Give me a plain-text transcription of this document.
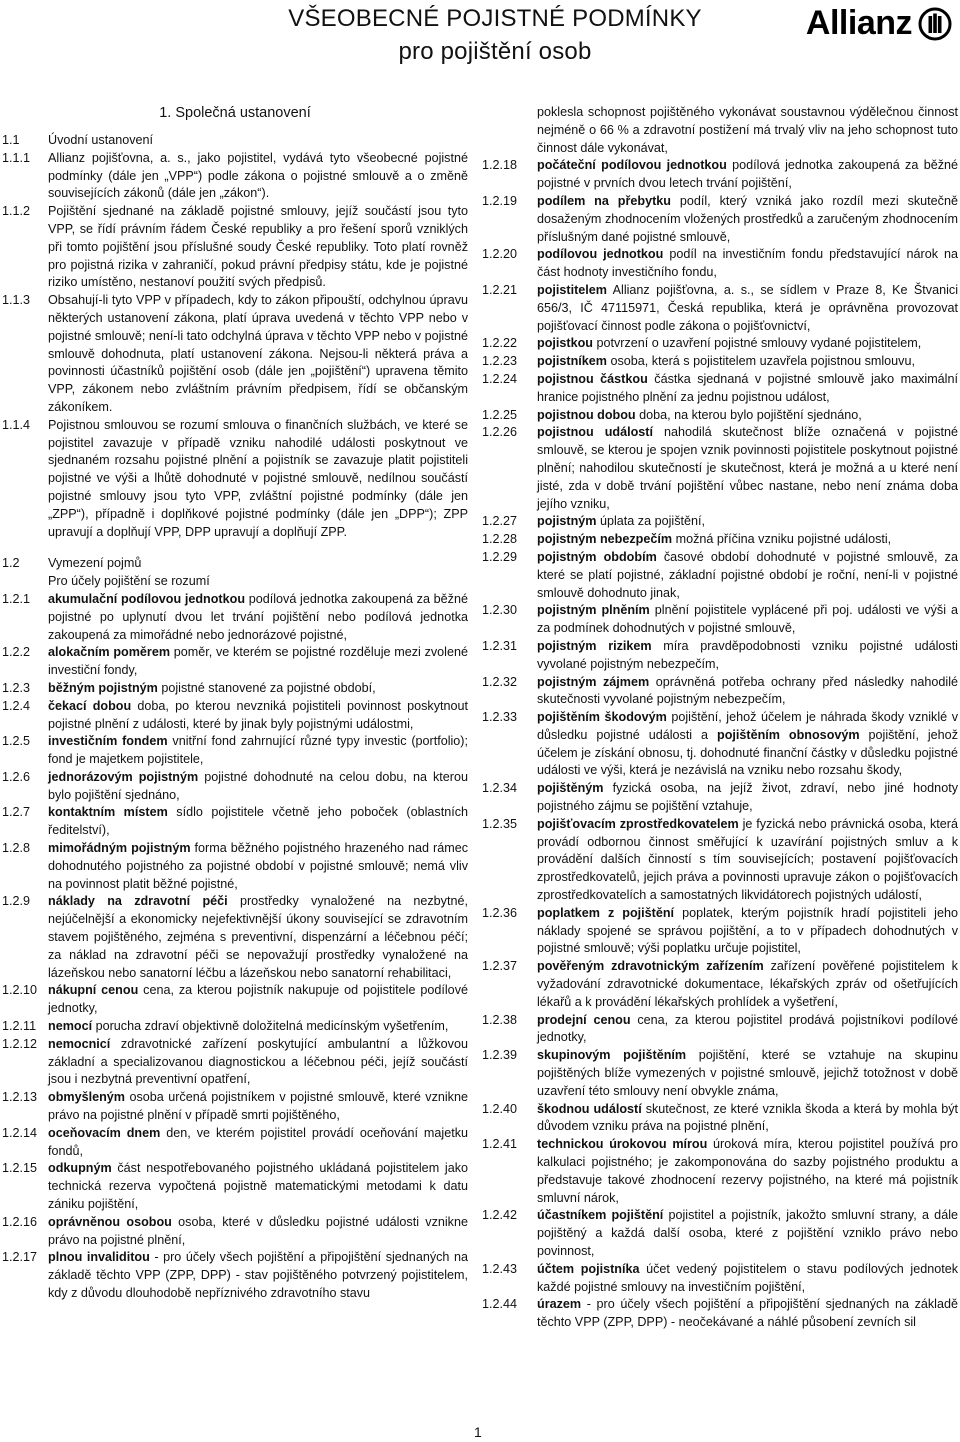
VŠEOBECNÉ POJISTNÉ PODMÍNKY
pro pojištění osob
Allianz
1. Společná ustanovení
1.1	Úvodní ustanovení
1.1.1	Allianz pojišťovna, a. s., jako pojistitel, vydává tyto všeobecné pojistné podmínky (dále jen „VPP“) podle zákona o pojistné smlouvě a o změně souvisejících zákonů (dále jen „zákon“).
1.1.2	Pojištění sjednané na základě pojistné smlouvy, jejíž součástí jsou tyto VPP, se řídí právním řádem České republiky a pro řešení sporů vzniklých při tomto pojištění jsou příslušné soudy České republiky. Toto platí rovněž pro pojistná rizika v zahraničí, pokud právní předpisy státu, kde je pojistné riziko umístěno, nestanoví použití svých předpisů.
1.1.3	Obsahují-li tyto VPP v případech, kdy to zákon připouští, odchylnou úpravu některých ustanovení zákona, platí úprava uvedená v těchto VPP nebo v pojistné smlouvě; není-li tato odchylná úprava v těchto VPP nebo v pojistné smlouvě dohodnuta, platí ustanovení zákona. Nejsou-li některá práva a povinnosti účastníků pojištění osob (dále jen „pojištění“) upravena těmito VPP, zákonem nebo zvláštním právním předpisem, řídí se občanským zákoníkem.
1.1.4	Pojistnou smlouvou se rozumí smlouva o finančních službách, ve které se pojistitel zavazuje v případě vzniku nahodilé události poskytnout ve sjednaném rozsahu pojistné plnění a pojistník se zavazuje platit pojistiteli pojistné ve výši a lhůtě dohodnuté v pojistné smlouvě, nedílnou součástí pojistné smlouvy jsou tyto VPP, zvláštní pojistné podmínky (dále jen „ZPP“), případně i doplňkové pojistné podmínky (dále jen „DPP“); ZPP upravují a doplňují VPP, DPP upravují a doplňují ZPP.
1.2	Vymezení pojmů
Pro účely pojištění se rozumí
1.2.1	akumulační podílovou jednotkou podílová jednotka zakoupená za běžné pojistné po uplynutí dvou let trvání pojištění nebo podílová jednotka zakoupená za mimořádné nebo jednorázové pojistné,
1.2.2	alokačním poměrem poměr, ve kterém se pojistné rozděluje mezi zvolené investiční fondy,
1.2.3	běžným pojistným pojistné stanovené za pojistné období,
1.2.4	čekací dobou doba, po kterou nevzniká pojistiteli povinnost poskytnout pojistné plnění z události, které by jinak byly pojistnými událostmi,
1.2.5	investičním fondem vnitřní fond zahrnující různé typy investic (portfolio); fond je majetkem pojistitele,
1.2.6	jednorázovým pojistným pojistné dohodnuté na celou dobu, na kterou bylo pojištění sjednáno,
1.2.7	kontaktním místem sídlo pojistitele včetně jeho poboček (oblastních ředitelství),
1.2.8	mimořádným pojistným forma běžného pojistného hrazeného nad rámec dohodnutého pojistného za pojistné období v pojistné smlouvě; nemá vliv na povinnost platit běžné pojistné,
1.2.9	náklady na zdravotní péči prostředky vynaložené na nezbytné, nejúčelnější a ekonomicky nejefektivnější úkony související se zdravotním stavem pojištěného, zejména s preventivní, dispenzární a léčebnou péčí; za náklad na zdravotní péči se nepovažují prostředky vynaložené na lázeňskou nebo sanatorní léčbu a lázeňskou nebo sanatorní rehabilitaci,
1.2.10 nákupní cenou cena, za kterou pojistník nakupuje od pojistitele podílové jednotky,
1.2.11 nemocí porucha zdraví objektivně doložitelná medicínským vyšetřením,
1.2.12 nemocnicí zdravotnické zařízení poskytující ambulantní a lůžkovou základní a specializovanou diagnostickou a léčebnou péči, jejíž součástí jsou i nezbytná preventivní opatření,
1.2.13 obmyšleným osoba určená pojistníkem v pojistné smlouvě, které vznikne právo na pojistné plnění v případě smrti pojištěného,
1.2.14 oceňovacím dnem den, ve kterém pojistitel provádí oceňování majetku fondů,
1.2.15 odkupným část nespotřebovaného pojistného ukládaná pojistitelem jako technická rezerva vypočtená pojistně matematickými metodami k datu zániku pojištění,
1.2.16 oprávněnou osobou osoba, které v důsledku pojistné události vznikne právo na pojistné plnění,
1.2.17 plnou invaliditou - pro účely všech pojištění a připojištění sjednaných na základě těchto VPP (ZPP, DPP) - stav pojištěného potvrzený pojistitelem, kdy z důvodu dlouhodobě nepříznivého zdravotního stavu
poklesla schopnost pojištěného vykonávat soustavnou výdělečnou činnost nejméně o 66 % a zdravotní postižení má trvalý vliv na jeho schopnost tuto činnost dále vykonávat,
1.2.18	počáteční podílovou jednotkou podílová jednotka zakoupená za běžné pojistné v prvních dvou letech trvání pojištění,
1.2.19	podílem na přebytku podíl, který vzniká jako rozdíl mezi skutečně dosaženým zhodnocením vložených prostředků a zaručeným zhodnocením příslušným dané pojistné smlouvě,
1.2.20	podílovou jednotkou podíl na investičním fondu představující nárok na část hodnoty investičního fondu,
1.2.21	pojistitelem Allianz pojišťovna, a. s., se sídlem v Praze 8, Ke Štvanici 656/3, IČ 47115971, Česká republika, která je oprávněna provozovat pojišťovací činnost podle zákona o pojišťovnictví,
1.2.22	pojistkou potvrzení o uzavření pojistné smlouvy vydané pojistitelem,
1.2.23	pojistníkem osoba, která s pojistitelem uzavřela pojistnou smlouvu,
1.2.24	pojistnou částkou částka sjednaná v pojistné smlouvě jako maximální hranice pojistného plnění za jednu pojistnou událost,
1.2.25	pojistnou dobou doba, na kterou bylo pojištění sjednáno,
1.2.26	pojistnou událostí nahodilá skutečnost blíže označená v pojistné smlouvě, se kterou je spojen vznik povinnosti pojistitele poskytnout pojistné plnění; nahodilou skutečností je skutečnost, která je možná a u které není jisté, zda v době trvání pojištění vůbec nastane, nebo není známa doba jejího vzniku,
1.2.27	pojistným úplata za pojištění,
1.2.28	pojistným nebezpečím možná příčina vzniku pojistné události,
1.2.29	pojistným obdobím časové období dohodnuté v pojistné smlouvě, za které se platí pojistné, základní pojistné období je roční, není-li v pojistné smlouvě dohodnuto jinak,
1.2.30	pojistným plněním plnění pojistitele vyplácené při poj. události ve výši a za podmínek dohodnutých v pojistné smlouvě,
1.2.31	pojistným rizikem míra pravděpodobnosti vzniku pojistné události vyvolané pojistným nebezpečím,
1.2.32	pojistným zájmem oprávněná potřeba ochrany před následky nahodilé skutečnosti vyvolané pojistným nebezpečím,
1.2.33	pojištěním škodovým pojištění, jehož účelem je náhrada škody vzniklé v důsledku pojistné události a pojištěním obnosovým pojištění, jehož účelem je získání obnosu, tj. dohodnuté finanční částky v důsledku pojistné události ve výši, která je nezávislá na vzniku nebo rozsahu škody,
1.2.34	pojištěným fyzická osoba, na jejíž život, zdraví, nebo jiné hodnoty pojistného zájmu se pojištění vztahuje,
1.2.35	pojišťovacím zprostředkovatelem je fyzická nebo právnická osoba, která provádí odbornou činnost směřující k uzavírání pojistných smluv a k provádění dalších činností s tím souvisejících; postavení pojišťovacích zprostředkovatelů, jejich práva a povinnosti upravuje zákon o pojišťovacích zprostředkovatelích a samostatných likvidátorech pojistných událostí,
1.2.36	poplatkem z pojištění poplatek, kterým pojistník hradí pojistiteli jeho náklady spojené se správou pojištění, a to v případech dohodnutých v pojistné smlouvě; výši poplatku určuje pojistitel,
1.2.37	pověřeným zdravotnickým zařízením zařízení pověřené pojistitelem k vyžadování zdravotnické dokumentace, lékařských zpráv od ošetřujících lékařů a k provádění lékařských prohlídek a vyšetření,
1.2.38	prodejní cenou cena, za kterou pojistitel prodává pojistníkovi podílové jednotky,
1.2.39	skupinovým pojištěním pojištění, které se vztahuje na skupinu pojištěných blíže vymezených v pojistné smlouvě, jejichž totožnost v době uzavření této smlouvy není obvykle známa,
1.2.40	škodnou událostí skutečnost, ze které vznikla škoda a která by mohla být důvodem vzniku práva na pojistné plnění,
1.2.41	technickou úrokovou mírou úroková míra, kterou pojistitel používá pro kalkulaci pojistného; je zakomponována do sazby pojistného produktu a představuje takové zhodnocení rezervy pojistného, na které má pojistník smluvní nárok,
1.2.42	účastníkem pojištění pojistitel a pojistník, jakožto smluvní strany, a dále pojištěný a každá další osoba, které z pojištění vzniklo právo nebo povinnost,
1.2.43	účtem pojistníka účet vedený pojistitelem o stavu podílových jednotek každé pojistné smlouvy na investičním pojištění,
1.2.44	úrazem - pro účely všech pojištění a připojištění sjednaných na základě těchto VPP (ZPP, DPP) - neočekávané a náhlé působení zevních sil
1
